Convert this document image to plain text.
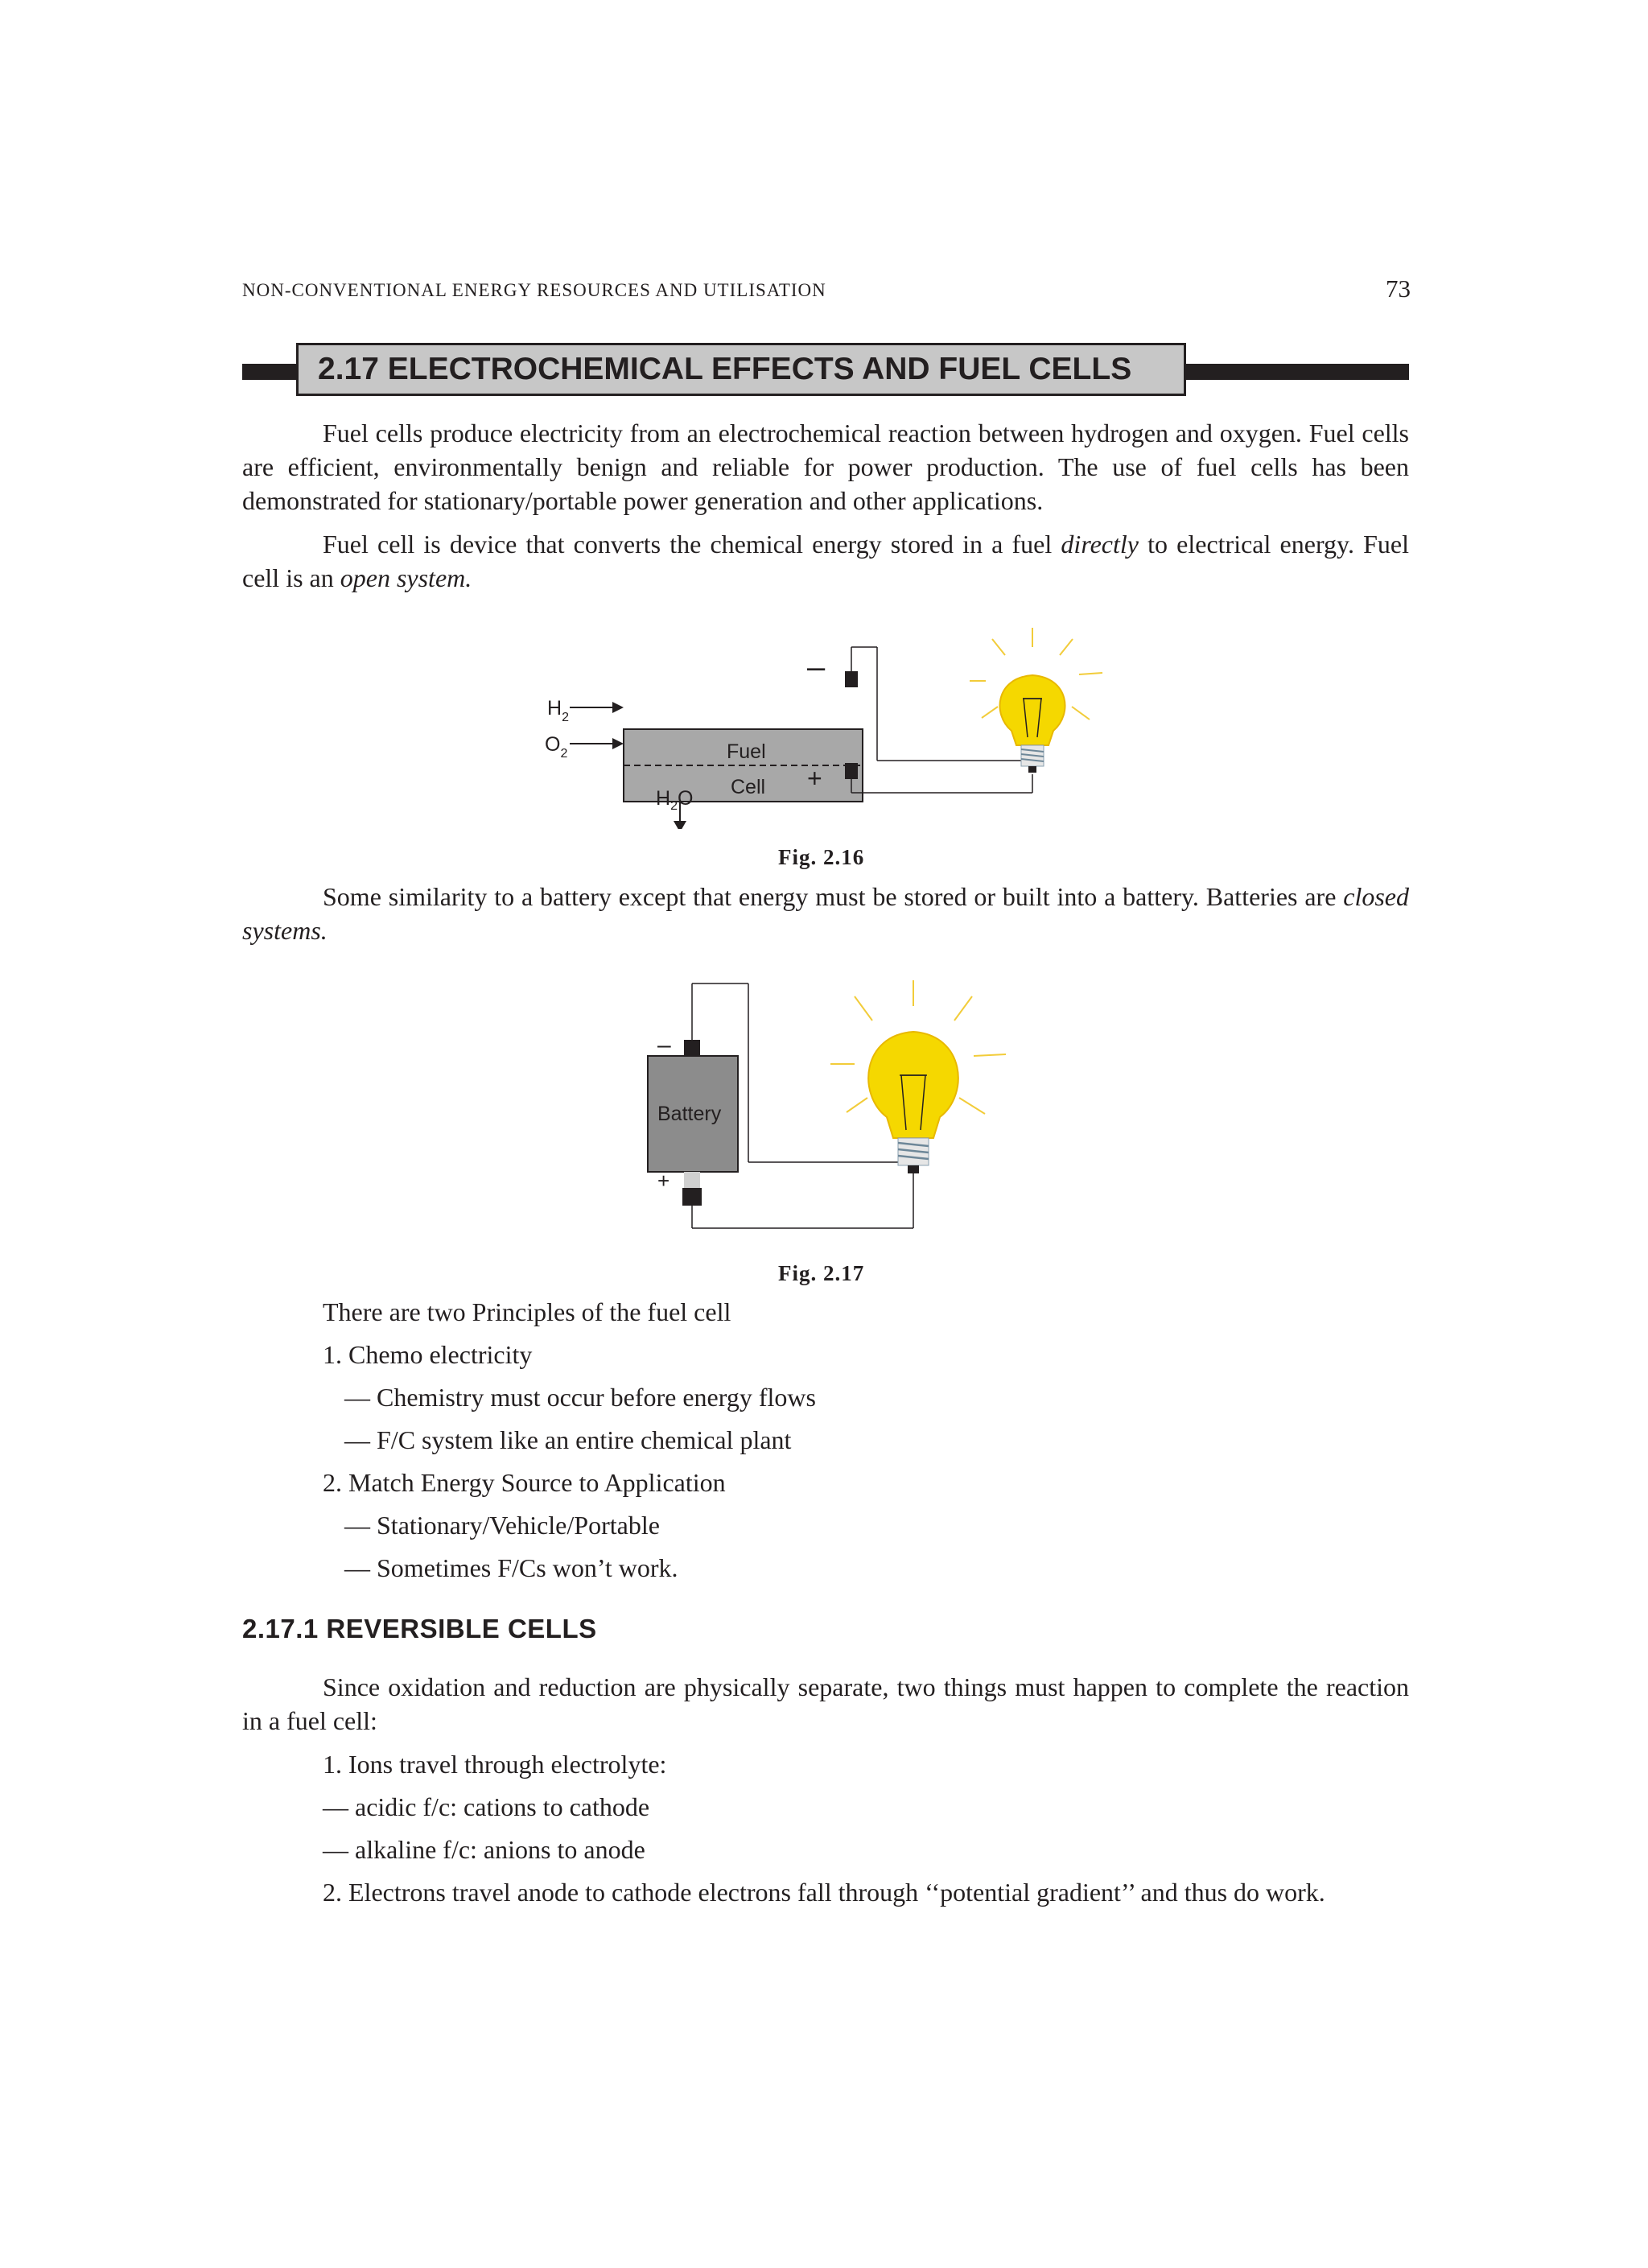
NON-CONVENTIONAL ENERGY RESOURCES AND UTILISATION	73
2.17 ELECTROCHEMICAL EFFECTS AND FUEL CELLS
Fuel cells produce electricity from an electrochemical reaction between hydrogen and oxygen. Fuel cells are efficient, environmentally benign and reliable for power production. The use of fuel cells has been demonstrated for stationary/portable power generation and other applications.
Fuel cell is device that converts the chemical energy stored in a fuel directly to electrical energy. Fuel cell is an open system.
Fuel
Cell
$H_2$
$O_2$
–
+
$H_2O$
Fig. 2.16
Some similarity to a battery except that energy must be stored or built into a battery. Batteries are closed systems.
Battery
–
+
Fig. 2.17
There are two Principles of the fuel cell
1. Chemo electricity
— Chemistry must occur before energy flows
— F/C system like an entire chemical plant
2. Match Energy Source to Application
— Stationary/Vehicle/Portable
— Sometimes F/Cs won’t work.
2.17.1 REVERSIBLE CELLS
Since oxidation and reduction are physically separate, two things must happen to complete the reaction in a fuel cell:
1. Ions travel through electrolyte:
— acidic f/c: cations to cathode
— alkaline f/c: anions to anode
2. Electrons travel anode to cathode electrons fall through ‘‘potential gradient’’ and thus do work.
